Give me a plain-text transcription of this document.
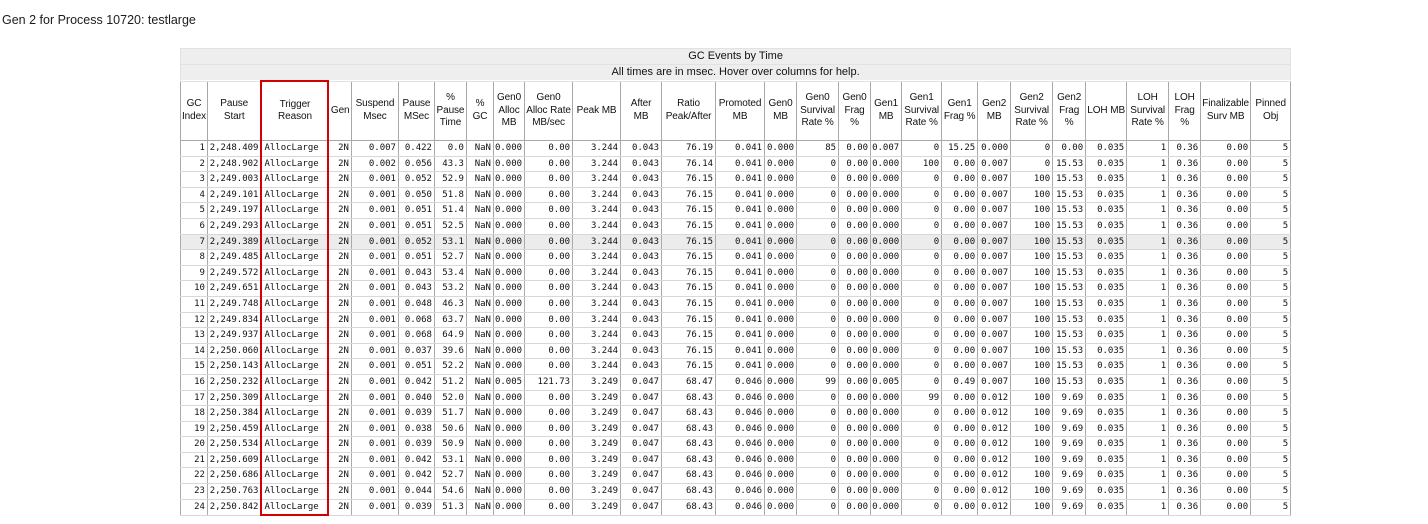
Gen 2 for Process 10720: testlarge
GC Events by Time																											
All times are in msec. Hover over columns for help.																											
GC Index	Pause Start	Trigger Reason	Gen	Suspend Msec	Pause MSec	% Pause Time	% GC	Gen0 Alloc MB	Gen0 Alloc Rate MB/sec	Peak MB	After MB	Ratio Peak/After	Promoted MB	Gen0 MB	Gen0 Survival Rate %	Gen0 Frag %	Gen1 MB	Gen1 Survival Rate %	Gen1 Frag %	Gen2 MB	Gen2 Survival Rate %	Gen2 Frag %	LOH MB	LOH Survival Rate %	LOH Frag %	Finalizable Surv MB	Pinned Obj
1	2,248.409	AllocLarge	2N	0.007	0.422	0.0	NaN	0.000	0.00	3.244	0.043	76.19	0.041	0.000	85	0.00	0.007	0	15.25	0.000	0	0.00	0.035	1	0.36	0.00	5
2	2,248.902	AllocLarge	2N	0.002	0.056	43.3	NaN	0.000	0.00	3.244	0.043	76.14	0.041	0.000	0	0.00	0.000	100	0.00	0.007	0	15.53	0.035	1	0.36	0.00	5
3	2,249.003	AllocLarge	2N	0.001	0.052	52.9	NaN	0.000	0.00	3.244	0.043	76.15	0.041	0.000	0	0.00	0.000	0	0.00	0.007	100	15.53	0.035	1	0.36	0.00	5
4	2,249.101	AllocLarge	2N	0.001	0.050	51.8	NaN	0.000	0.00	3.244	0.043	76.15	0.041	0.000	0	0.00	0.000	0	0.00	0.007	100	15.53	0.035	1	0.36	0.00	5
5	2,249.197	AllocLarge	2N	0.001	0.051	51.4	NaN	0.000	0.00	3.244	0.043	76.15	0.041	0.000	0	0.00	0.000	0	0.00	0.007	100	15.53	0.035	1	0.36	0.00	5
6	2,249.293	AllocLarge	2N	0.001	0.051	52.5	NaN	0.000	0.00	3.244	0.043	76.15	0.041	0.000	0	0.00	0.000	0	0.00	0.007	100	15.53	0.035	1	0.36	0.00	5
7	2,249.389	AllocLarge	2N	0.001	0.052	53.1	NaN	0.000	0.00	3.244	0.043	76.15	0.041	0.000	0	0.00	0.000	0	0.00	0.007	100	15.53	0.035	1	0.36	0.00	5
8	2,249.485	AllocLarge	2N	0.001	0.051	52.7	NaN	0.000	0.00	3.244	0.043	76.15	0.041	0.000	0	0.00	0.000	0	0.00	0.007	100	15.53	0.035	1	0.36	0.00	5
9	2,249.572	AllocLarge	2N	0.001	0.043	53.4	NaN	0.000	0.00	3.244	0.043	76.15	0.041	0.000	0	0.00	0.000	0	0.00	0.007	100	15.53	0.035	1	0.36	0.00	5
10	2,249.651	AllocLarge	2N	0.001	0.043	53.2	NaN	0.000	0.00	3.244	0.043	76.15	0.041	0.000	0	0.00	0.000	0	0.00	0.007	100	15.53	0.035	1	0.36	0.00	5
11	2,249.748	AllocLarge	2N	0.001	0.048	46.3	NaN	0.000	0.00	3.244	0.043	76.15	0.041	0.000	0	0.00	0.000	0	0.00	0.007	100	15.53	0.035	1	0.36	0.00	5
12	2,249.834	AllocLarge	2N	0.001	0.068	63.7	NaN	0.000	0.00	3.244	0.043	76.15	0.041	0.000	0	0.00	0.000	0	0.00	0.007	100	15.53	0.035	1	0.36	0.00	5
13	2,249.937	AllocLarge	2N	0.001	0.068	64.9	NaN	0.000	0.00	3.244	0.043	76.15	0.041	0.000	0	0.00	0.000	0	0.00	0.007	100	15.53	0.035	1	0.36	0.00	5
14	2,250.060	AllocLarge	2N	0.001	0.037	39.6	NaN	0.000	0.00	3.244	0.043	76.15	0.041	0.000	0	0.00	0.000	0	0.00	0.007	100	15.53	0.035	1	0.36	0.00	5
15	2,250.143	AllocLarge	2N	0.001	0.051	52.2	NaN	0.000	0.00	3.244	0.043	76.15	0.041	0.000	0	0.00	0.000	0	0.00	0.007	100	15.53	0.035	1	0.36	0.00	5
16	2,250.232	AllocLarge	2N	0.001	0.042	51.2	NaN	0.005	121.73	3.249	0.047	68.47	0.046	0.000	99	0.00	0.005	0	0.49	0.007	100	15.53	0.035	1	0.36	0.00	5
17	2,250.309	AllocLarge	2N	0.001	0.040	52.0	NaN	0.000	0.00	3.249	0.047	68.43	0.046	0.000	0	0.00	0.000	99	0.00	0.012	100	9.69	0.035	1	0.36	0.00	5
18	2,250.384	AllocLarge	2N	0.001	0.039	51.7	NaN	0.000	0.00	3.249	0.047	68.43	0.046	0.000	0	0.00	0.000	0	0.00	0.012	100	9.69	0.035	1	0.36	0.00	5
19	2,250.459	AllocLarge	2N	0.001	0.038	50.6	NaN	0.000	0.00	3.249	0.047	68.43	0.046	0.000	0	0.00	0.000	0	0.00	0.012	100	9.69	0.035	1	0.36	0.00	5
20	2,250.534	AllocLarge	2N	0.001	0.039	50.9	NaN	0.000	0.00	3.249	0.047	68.43	0.046	0.000	0	0.00	0.000	0	0.00	0.012	100	9.69	0.035	1	0.36	0.00	5
21	2,250.609	AllocLarge	2N	0.001	0.042	53.1	NaN	0.000	0.00	3.249	0.047	68.43	0.046	0.000	0	0.00	0.000	0	0.00	0.012	100	9.69	0.035	1	0.36	0.00	5
22	2,250.686	AllocLarge	2N	0.001	0.042	52.7	NaN	0.000	0.00	3.249	0.047	68.43	0.046	0.000	0	0.00	0.000	0	0.00	0.012	100	9.69	0.035	1	0.36	0.00	5
23	2,250.763	AllocLarge	2N	0.001	0.044	54.6	NaN	0.000	0.00	3.249	0.047	68.43	0.046	0.000	0	0.00	0.000	0	0.00	0.012	100	9.69	0.035	1	0.36	0.00	5
24	2,250.842	AllocLarge	2N	0.001	0.039	51.3	NaN	0.000	0.00	3.249	0.047	68.43	0.046	0.000	0	0.00	0.000	0	0.00	0.012	100	9.69	0.035	1	0.36	0.00	5
